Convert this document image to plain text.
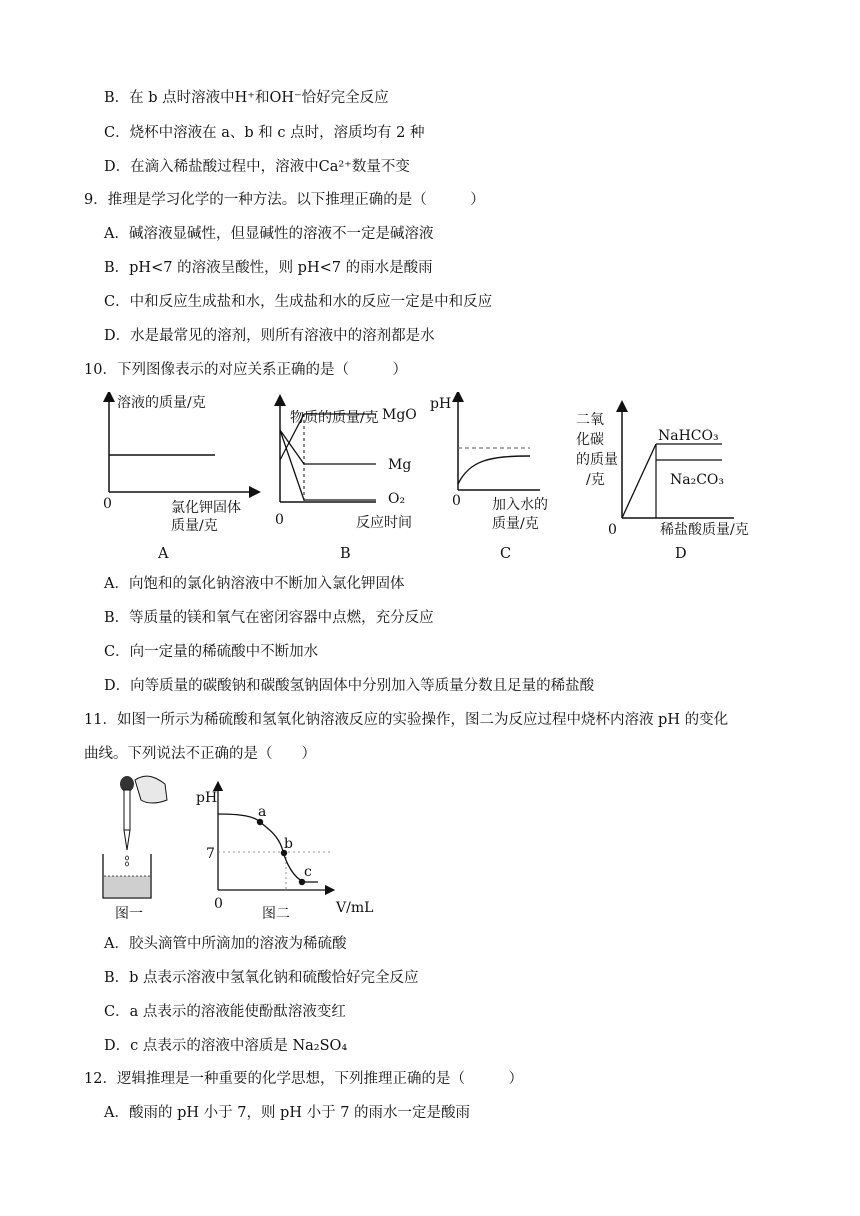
B．在 b 点时溶液中H⁺和OH⁻恰好完全反应
C．烧杯中溶液在 a、b 和 c 点时，溶质均有 2 种
D．在滴入稀盐酸过程中，溶液中Ca²⁺数量不变
9．推理是学习化学的一种方法。以下推理正确的是（　　　）
A．碱溶液显碱性，但显碱性的溶液不一定是碱溶液
B．pH<7 的溶液呈酸性，则 pH<7 的雨水是酸雨
C．中和反应生成盐和水，生成盐和水的反应一定是中和反应
D．水是最常见的溶剂，则所有溶液中的溶剂都是水
10．下列图像表示的对应关系正确的是（　　　）
溶液的质量/克
0	氯化钾固体
质量/克
A
物质的质量/克 MgO
Mg
O₂
0	反应时间
B
pH
0 加入水的
质量/克
C
二氧
化碳
的质量
/克
NaHCO₃
Na₂CO₃
0	稀盐酸质量/克
D
A．向饱和的氯化钠溶液中不断加入氯化钾固体
B．等质量的镁和氧气在密闭容器中点燃，充分反应
C．向一定量的稀硫酸中不断加水
D．向等质量的碳酸钠和碳酸氢钠固体中分别加入等质量分数且足量的稀盐酸
11．如图一所示为稀硫酸和氢氧化钠溶液反应的实验操作，图二为反应过程中烧杯内溶液 pH 的变化
曲线。下列说法不正确的是（　　）
图一
pH
7
a
b
c
0
图二	V/mL
A．胶头滴管中所滴加的溶液为稀硫酸
B．b 点表示溶液中氢氧化钠和硫酸恰好完全反应
C．a 点表示的溶液能使酚酞溶液变红
D．c 点表示的溶液中溶质是 Na₂SO₄
12．逻辑推理是一种重要的化学思想，下列推理正确的是（　　　）
A．酸雨的 pH 小于 7，则 pH 小于 7 的雨水一定是酸雨
